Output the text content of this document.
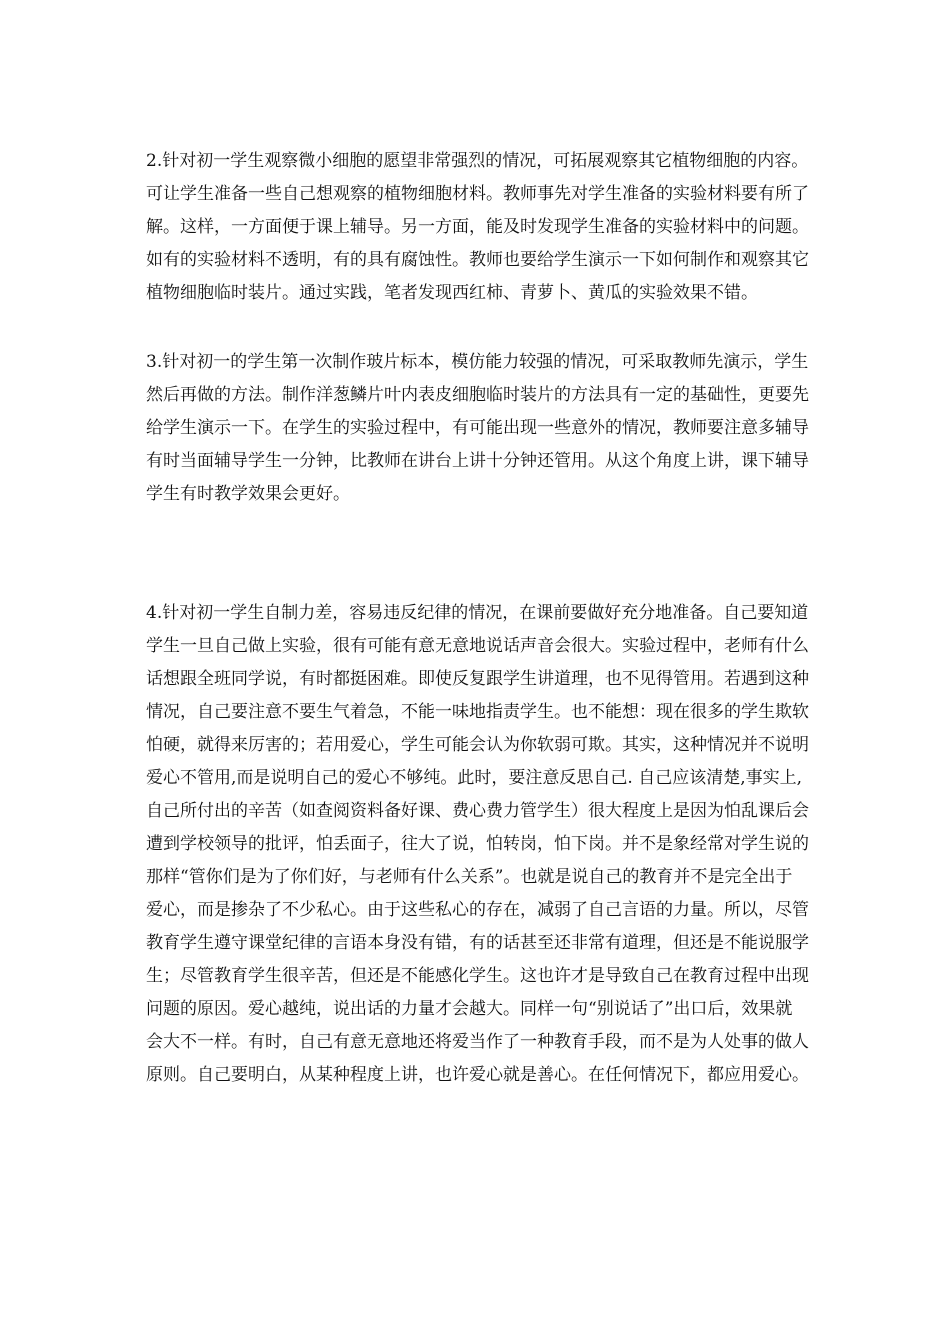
2.针对初一学生观察微小细胞的愿望非常强烈的情况，可拓展观察其它植物细胞的内容。
可让学生准备一些自己想观察的植物细胞材料。教师事先对学生准备的实验材料要有所了
解。这样，一方面便于课上辅导。另一方面，能及时发现学生准备的实验材料中的问题。
如有的实验材料不透明，有的具有腐蚀性。教师也要给学生演示一下如何制作和观察其它
植物细胞临时装片。通过实践，笔者发现西红柿、青萝卜、黄瓜的实验效果不错。
3.针对初一的学生第一次制作玻片标本，模仿能力较强的情况，可采取教师先演示，学生
然后再做的方法。制作洋葱鳞片叶内表皮细胞临时装片的方法具有一定的基础性，更要先
给学生演示一下。在学生的实验过程中，有可能出现一些意外的情况，教师要注意多辅导
有时当面辅导学生一分钟，比教师在讲台上讲十分钟还管用。从这个角度上讲，课下辅导
学生有时教学效果会更好。
4.针对初一学生自制力差，容易违反纪律的情况，在课前要做好充分地准备。自己要知道
学生一旦自己做上实验，很有可能有意无意地说话声音会很大。实验过程中，老师有什么
话想跟全班同学说，有时都挺困难。即使反复跟学生讲道理，也不见得管用。若遇到这种
情况，自己要注意不要生气着急，不能一味地指责学生。也不能想：现在很多的学生欺软
怕硬，就得来厉害的；若用爱心，学生可能会认为你软弱可欺。其实，这种情况并不说明
爱心不管用,而是说明自己的爱心不够纯。此时，要注意反思自己. 自己应该清楚,事实上,
自己所付出的辛苦（如查阅资料备好课、费心费力管学生）很大程度上是因为怕乱课后会
遭到学校领导的批评，怕丢面子，往大了说，怕转岗，怕下岗。并不是象经常对学生说的
那样“管你们是为了你们好，与老师有什么关系”。也就是说自己的教育并不是完全出于
爱心，而是掺杂了不少私心。由于这些私心的存在，减弱了自己言语的力量。所以，尽管
教育学生遵守课堂纪律的言语本身没有错，有的话甚至还非常有道理，但还是不能说服学
生；尽管教育学生很辛苦，但还是不能感化学生。这也许才是导致自己在教育过程中出现
问题的原因。爱心越纯，说出话的力量才会越大。同样一句“别说话了”出口后，效果就
会大不一样。有时，自己有意无意地还将爱当作了一种教育手段，而不是为人处事的做人
原则。自己要明白，从某种程度上讲，也许爱心就是善心。在任何情况下，都应用爱心。
